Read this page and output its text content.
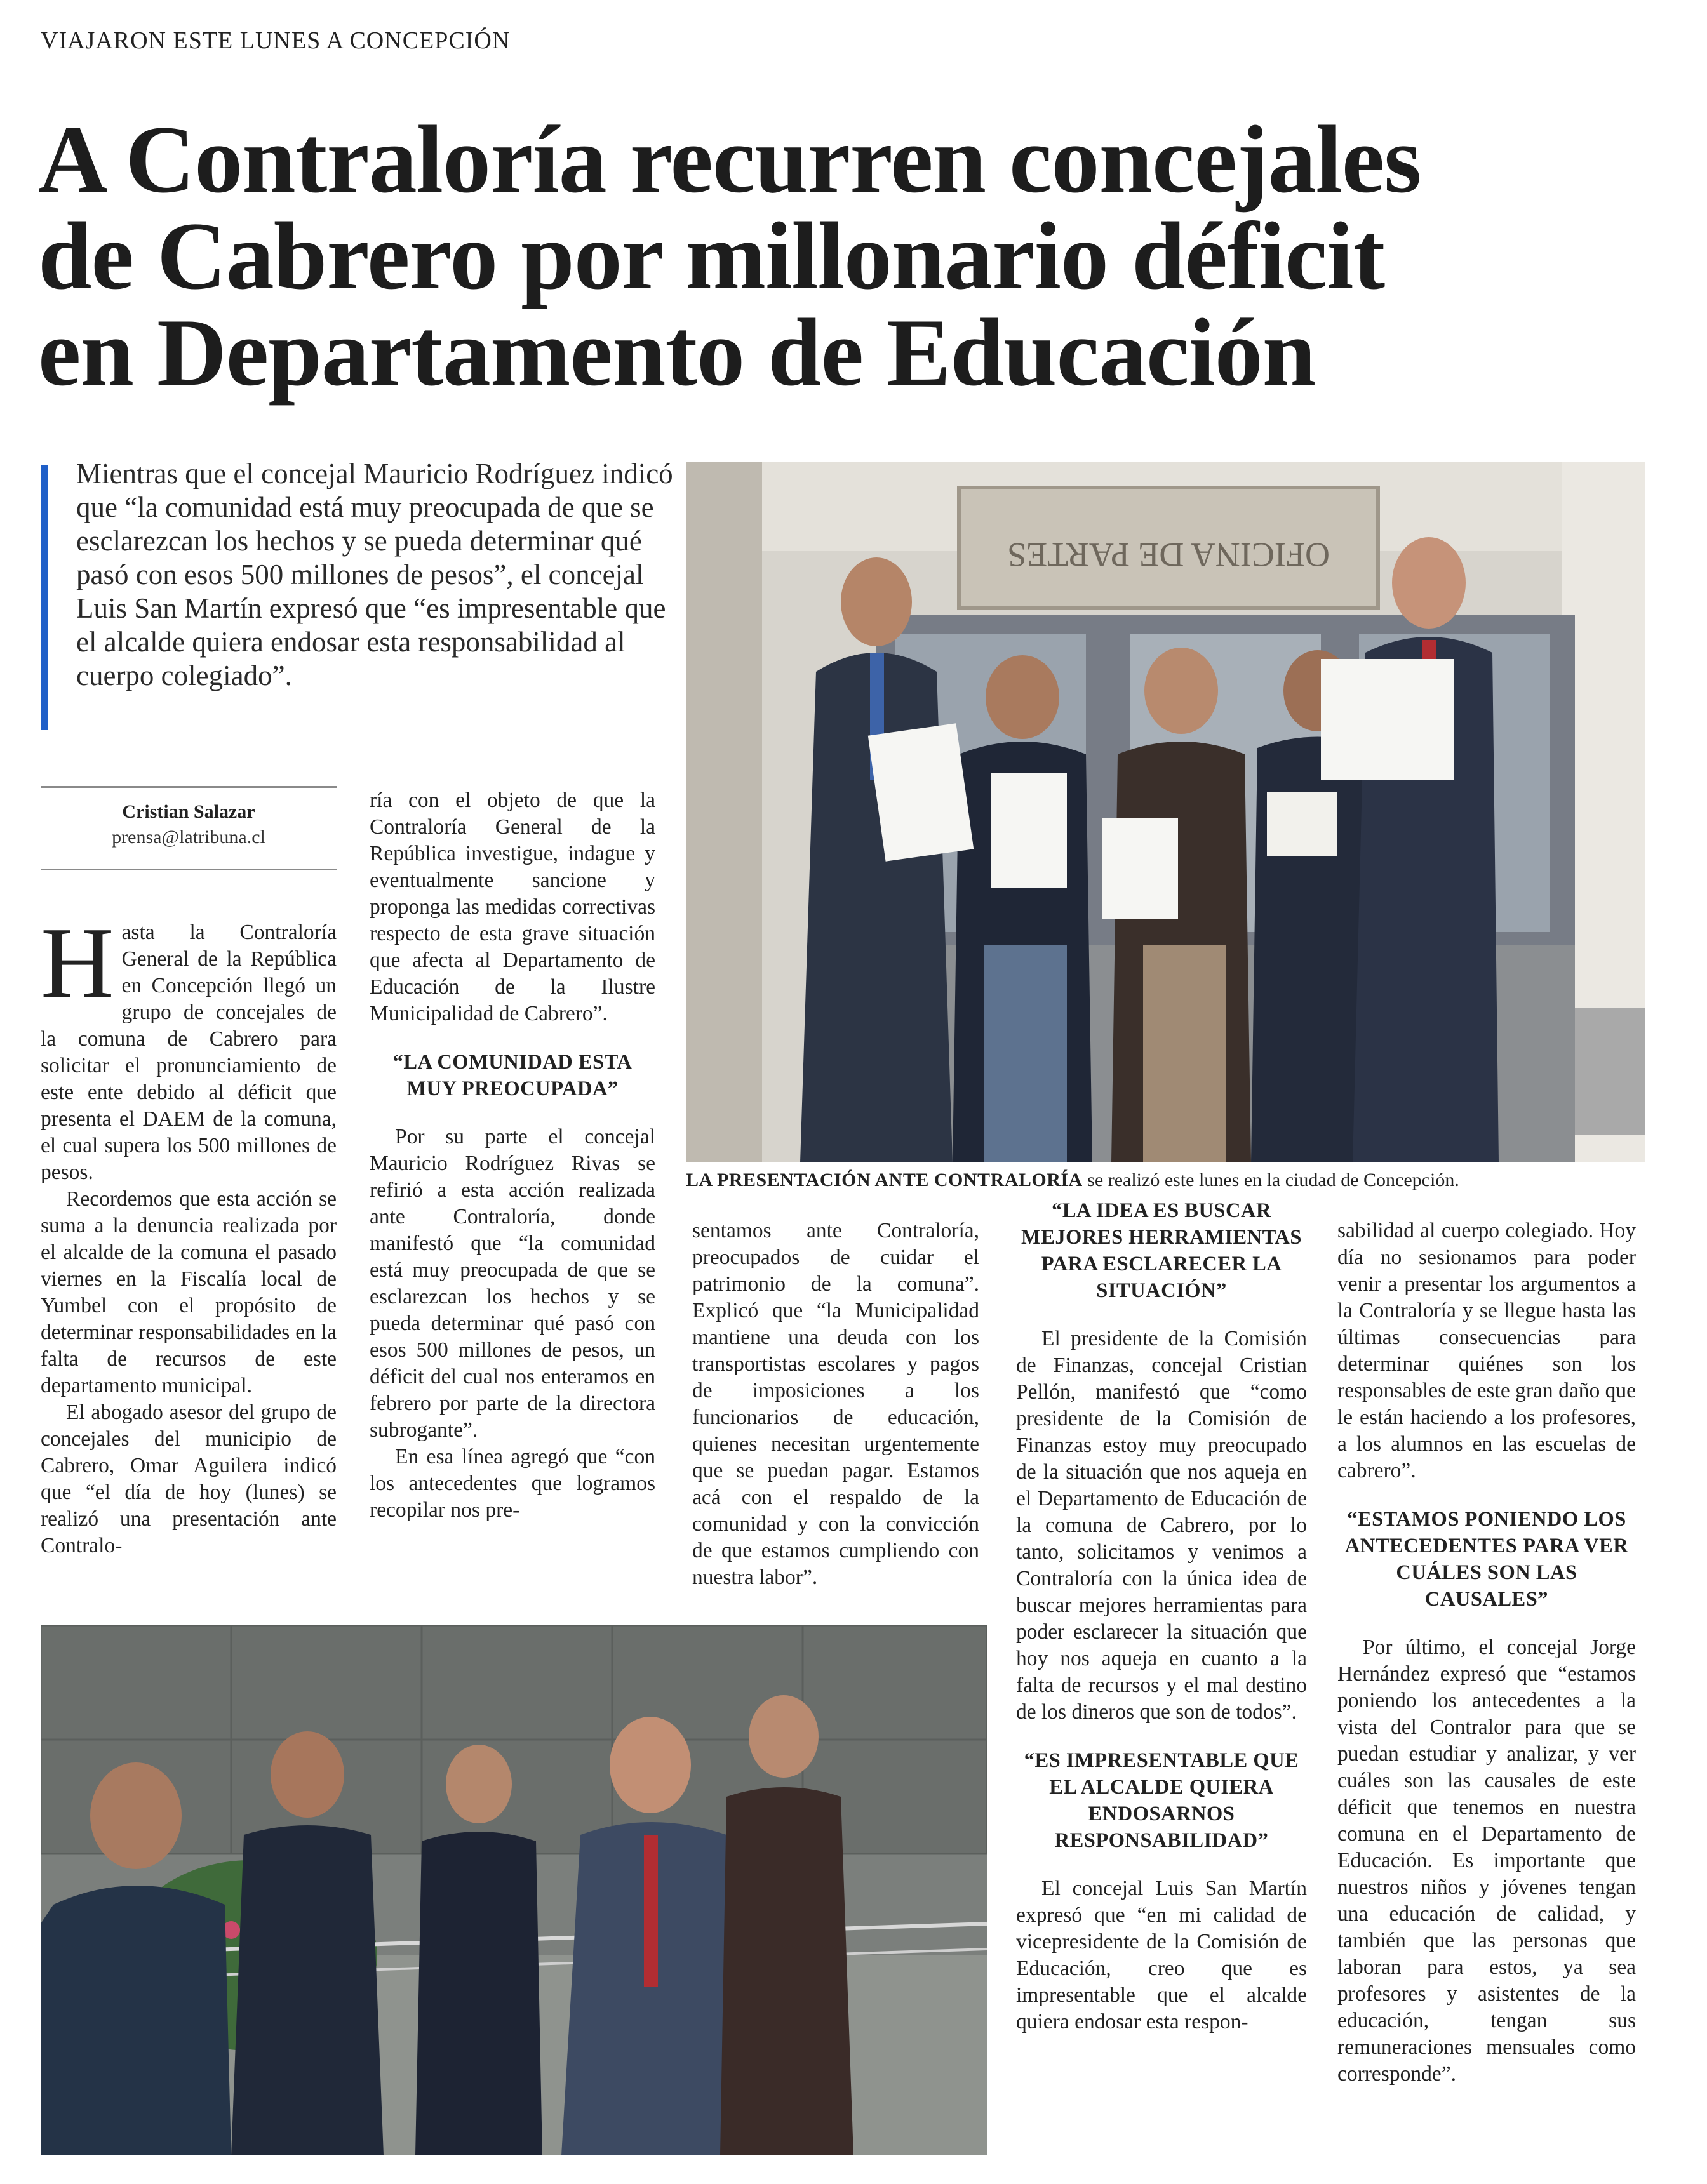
VIAJARON ESTE LUNES A CONCEPCIÓN
A Contraloría recurren concejales
de Cabrero por millonario déficit
en Departamento de Educación

Mientras que el concejal Mauricio Rodríguez indicó que “la comunidad está muy preocupada de que se esclarezcan los hechos y se pueda determinar qué pasó con esos 500 millones de pesos”, el concejal Luis San Martín expresó que “es impresentable que el alcalde quiera endosar esta responsabilidad al cuerpo colegiado”.

OFICINA DE PARTES

LA PRESENTACIÓN ANTE CONTRALORÍA se realizó este lunes en la ciudad de Concepción.

Cristian Salazar
prensa@latribuna.cl

Hasta la Contraloría General de la República en Concepción llegó un grupo de concejales de la comuna de Cabrero para solicitar el pronunciamiento de este ente debido al déficit que presenta el DAEM de la comuna, el cual supera los 500 millones de pesos.

Recordemos que esta acción se suma a la denuncia realizada por el alcalde de la comuna el pasado viernes en la Fiscalía local de Yumbel con el propósito de determinar responsabilidades en la falta de recursos de este departamento municipal.

El abogado asesor del grupo de concejales del municipio de Cabrero, Omar Aguilera indicó que “el día de hoy (lunes) se realizó una presentación ante Contralo-

ría con el objeto de que la Contraloría General de la República investigue, indague y eventualmente sancione y proponga las medidas correctivas respecto de esta grave situación que afecta al Departamento de Educación de la Ilustre Municipalidad de Cabrero”.

“LA COMUNIDAD ESTA MUY PREOCUPADA”

Por su parte el concejal Mauricio Rodríguez Rivas se refirió a esta acción realizada ante Contraloría, donde manifestó que “la comunidad está muy preocupada de que se esclarezcan los hechos y se pueda determinar qué pasó con esos 500 millones de pesos, un déficit del cual nos enteramos en febrero por parte de la directora subrogante”.

En esa línea agregó que “con los antecedentes que logramos recopilar nos pre-

sentamos ante Contraloría, preocupados de cuidar el patrimonio de la comuna”. Explicó que “la Municipalidad mantiene una deuda con los transportistas escolares y pagos de imposiciones a los funcionarios de educación, quienes necesitan urgentemente que se puedan pagar. Estamos acá con el respaldo de la comunidad y con la convicción de que estamos cumpliendo con nuestra labor”.

“LA IDEA ES BUSCAR MEJORES HERRAMIENTAS PARA ESCLARECER LA SITUACIÓN”

El presidente de la Comisión de Finanzas, concejal Cristian Pellón, manifestó que “como presidente de la Comisión de Finanzas estoy muy preocupado de la situación que nos aqueja en el Departamento de Educación de la comuna de Cabrero, por lo tanto, solicitamos y venimos a Contraloría con la única idea de buscar mejores herramientas para poder esclarecer la situación que hoy nos aqueja en cuanto a la falta de recursos y el mal destino de los dineros que son de todos”.

“ES IMPRESENTABLE QUE EL ALCALDE QUIERA ENDOSARNOS RESPONSABILIDAD”

El concejal Luis San Martín expresó que “en mi calidad de vicepresidente de la Comisión de Educación, creo que es impresentable que el alcalde quiera endosar esta respon-

sabilidad al cuerpo colegiado. Hoy día no sesionamos para poder venir a presentar los argumentos a la Contraloría y se llegue hasta las últimas consecuencias para determinar quiénes son los responsables de este gran daño que le están haciendo a los profesores, a los alumnos en las escuelas de cabrero”.

“ESTAMOS PONIENDO LOS ANTECEDENTES PARA VER CUÁLES SON LAS CAUSALES”

Por último, el concejal Jorge Hernández expresó que “estamos poniendo los antecedentes a la vista del Contralor para que se puedan estudiar y analizar, y ver cuáles son las causales de este déficit que tenemos en nuestra comuna en el Departamento de Educación. Es importante que nuestros niños y jóvenes tengan una educación de calidad, y también que las personas que laboran para estos, ya sea profesores y asistentes de la educación, tengan sus remuneraciones mensuales como corresponde”.
